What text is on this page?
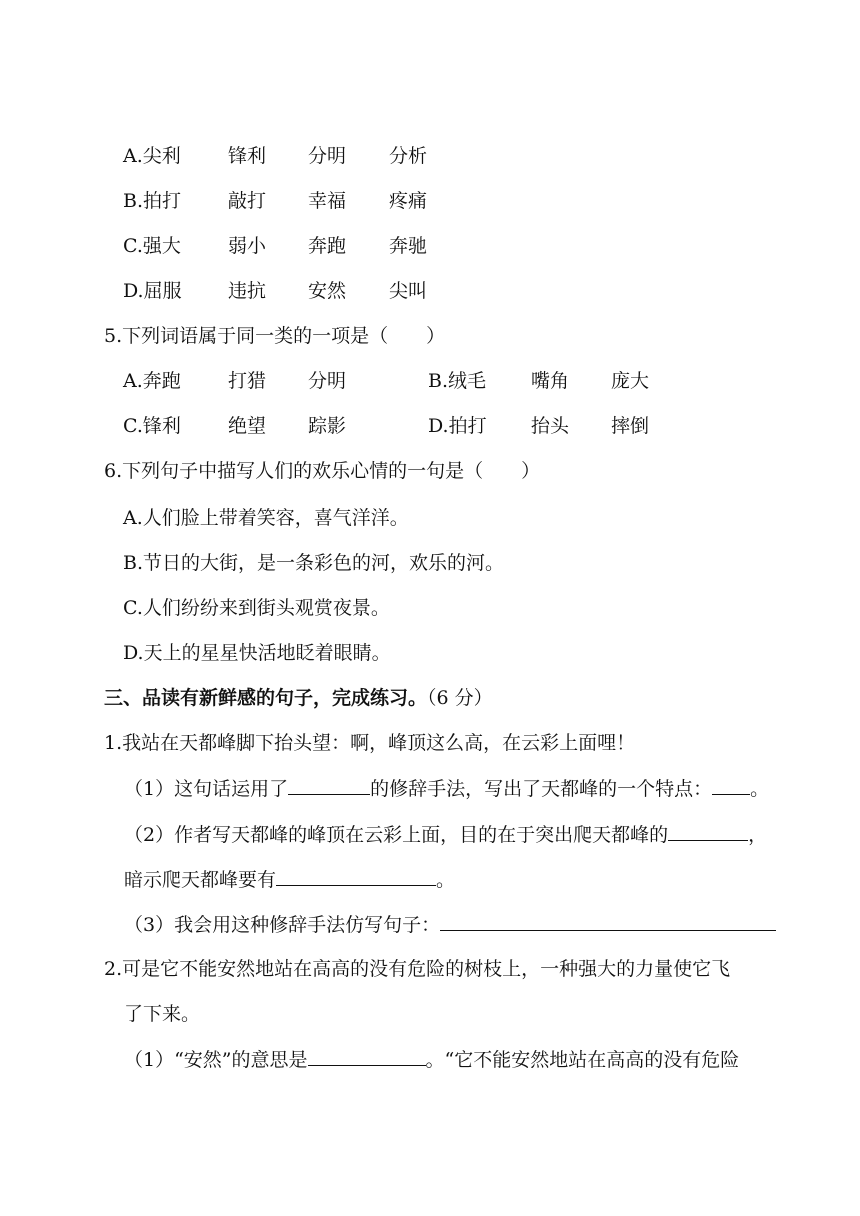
A.尖利 锋利 分明 分析
B.拍打 敲打 幸福 疼痛
C.强大 弱小 奔跑 奔驰
D.屈服 违抗 安然 尖叫
5.下列词语属于同一类的一项是（　　）
A.奔跑 打猎 分明	B.绒毛 嘴角 庞大
C.锋利 绝望 踪影	D.拍打 抬头 摔倒
6.下列句子中描写人们的欢乐心情的一句是（　　）
A.人们脸上带着笑容，喜气洋洋。
B.节日的大街，是一条彩色的河，欢乐的河。
C.人们纷纷来到街头观赏夜景。
D.天上的星星快活地眨着眼睛。
三、品读有新鲜感的句子，完成练习。（6 分）
1.我站在天都峰脚下抬头望：啊，峰顶这么高，在云彩上面哩！
（1）这句话运用了	的修辞手法，写出了天都峰的一个特点： 。
（2）作者写天都峰的峰顶在云彩上面，目的在于突出爬天都峰的	，
暗示爬天都峰要有	。
（3）我会用这种修辞手法仿写句子：
2.可是它不能安然地站在高高的没有危险的树枝上，一种强大的力量使它飞
了下来。
（1）“安然”的意思是	。“它不能安然地站在高高的没有危险
